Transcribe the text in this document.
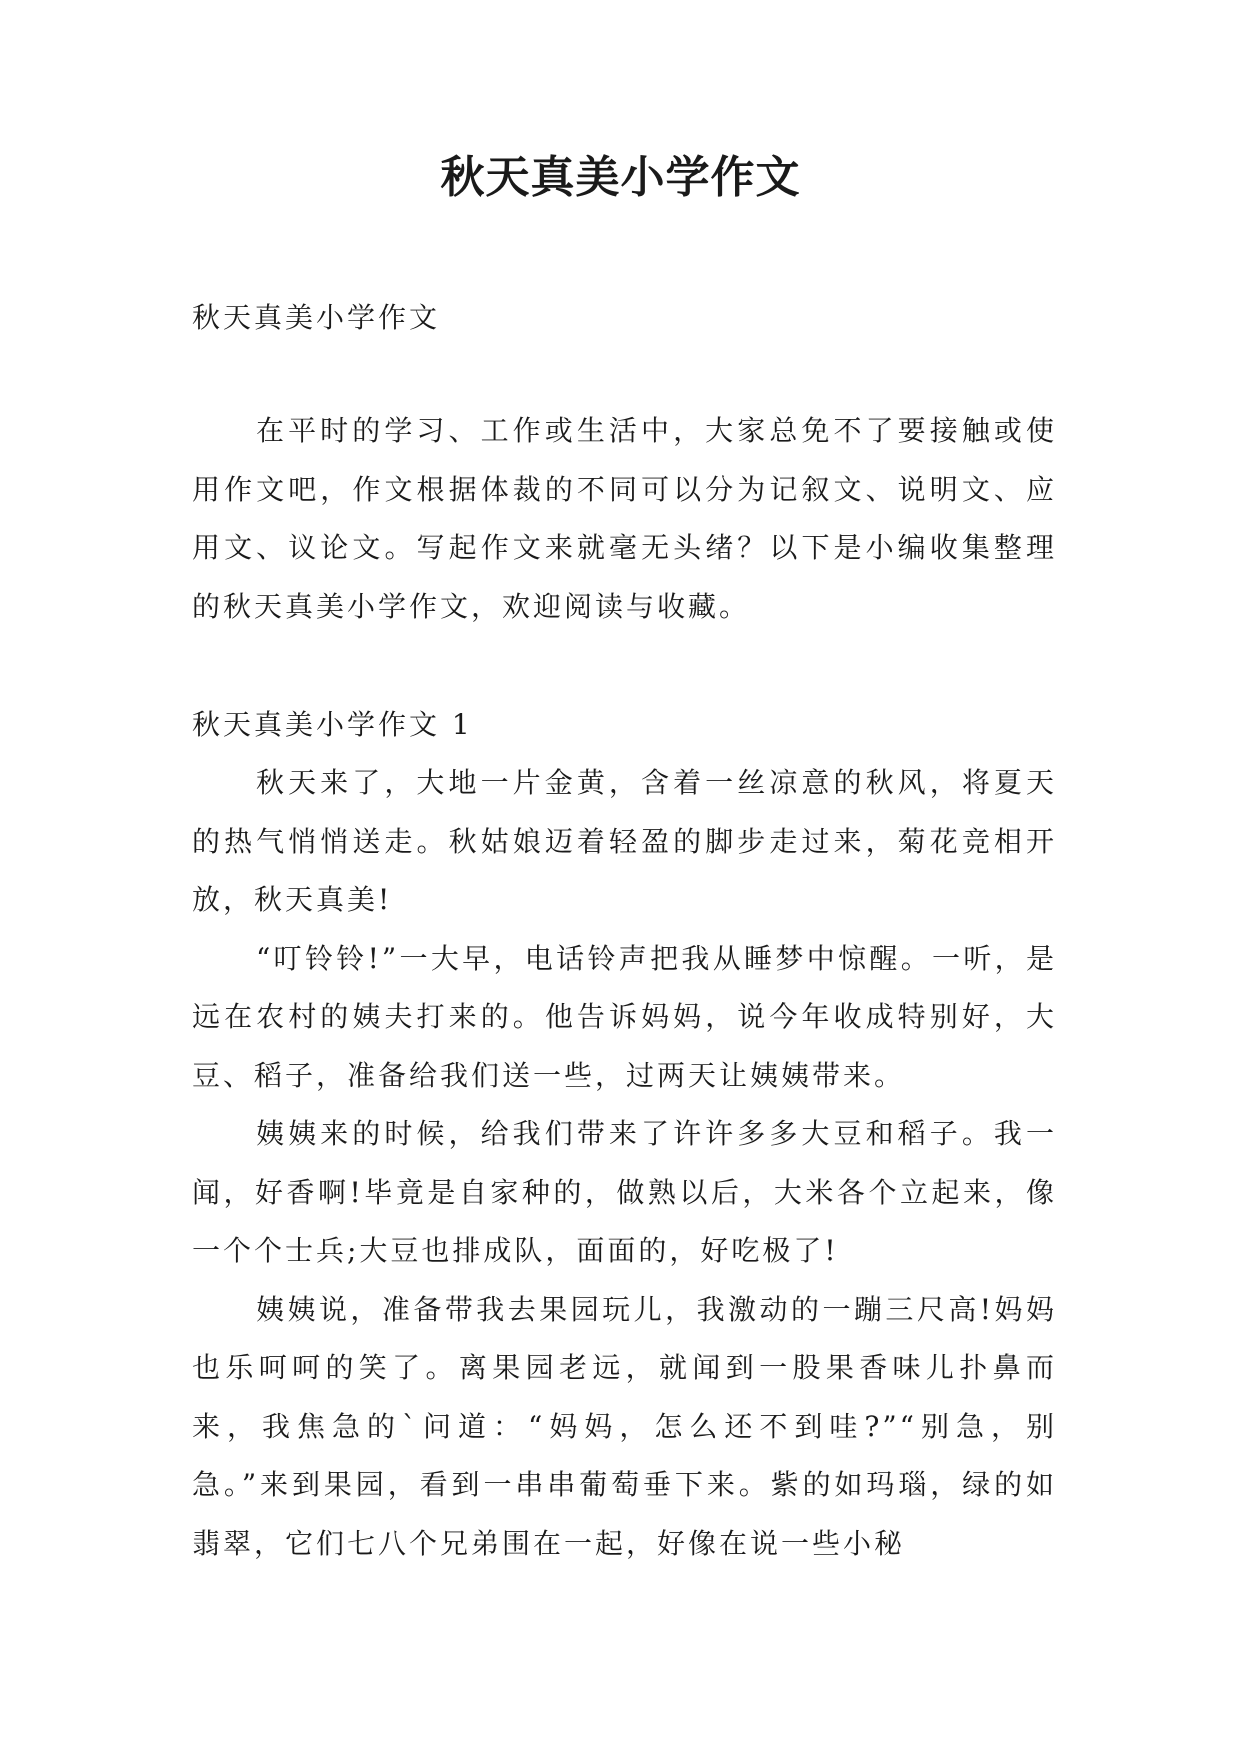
秋天真美小学作文

秋天真美小学作文

在平时的学习、工作或生活中，大家总免不了要接触或使用作文吧，作文根据体裁的不同可以分为记叙文、说明文、应用文、议论文。写起作文来就毫无头绪？以下是小编收集整理的秋天真美小学作文，欢迎阅读与收藏。

秋天真美小学作文 1

秋天来了，大地一片金黄，含着一丝凉意的秋风，将夏天的热气悄悄送走。秋姑娘迈着轻盈的脚步走过来，菊花竞相开放，秋天真美!

“叮铃铃!”一大早，电话铃声把我从睡梦中惊醒。一听，是远在农村的姨夫打来的。他告诉妈妈，说今年收成特别好，大豆、稻子，准备给我们送一些，过两天让姨姨带来。

姨姨来的时候，给我们带来了许许多多大豆和稻子。我一闻，好香啊!毕竟是自家种的，做熟以后，大米各个立起来，像一个个士兵;大豆也排成队，面面的，好吃极了!

姨姨说，准备带我去果园玩儿，我激动的一蹦三尺高!妈妈也乐呵呵的笑了。离果园老远，就闻到一股果香味儿扑鼻而来，我焦急的`问道：“妈妈，怎么还不到哇?”“别急，别急。”来到果园，看到一串串葡萄垂下来。紫的如玛瑙，绿的如翡翠，它们七八个兄弟围在一起，好像在说一些小秘
